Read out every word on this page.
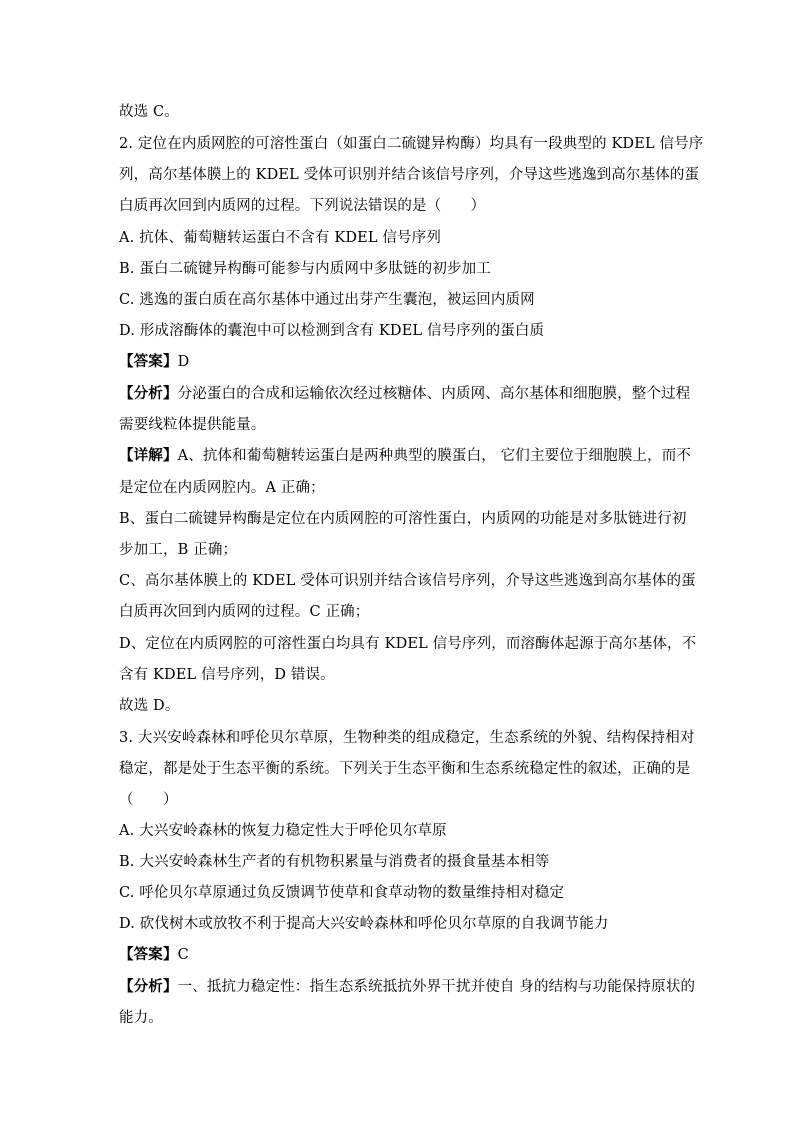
故选 C。
2. 定位在内质网腔的可溶性蛋白（如蛋白二硫键异构酶）均具有一段典型的 KDEL 信号序
列，高尔基体膜上的 KDEL 受体可识别并结合该信号序列，介导这些逃逸到高尔基体的蛋
白质再次回到内质网的过程。下列说法错误的是（　　）
A. 抗体、葡萄糖转运蛋白不含有 KDEL 信号序列
B. 蛋白二硫键异构酶可能参与内质网中多肽链的初步加工
C. 逃逸的蛋白质在高尔基体中通过出芽产生囊泡，被运回内质网
D. 形成溶酶体的囊泡中可以检测到含有 KDEL 信号序列的蛋白质
【答案】D
【分析】分泌蛋白的合成和运输依次经过核糖体、内质网、高尔基体和细胞膜，整个过程
需要线粒体提供能量。
【详解】A、抗体和葡萄糖转运蛋白是两种典型的膜蛋白， 它们主要位于细胞膜上，而不
是定位在内质网腔内。A 正确；
B、蛋白二硫键异构酶是定位在内质网腔的可溶性蛋白，内质网的功能是对多肽链进行初
步加工，B 正确；
C、高尔基体膜上的 KDEL 受体可识别并结合该信号序列，介导这些逃逸到高尔基体的蛋
白质再次回到内质网的过程。C 正确；
D、定位在内质网腔的可溶性蛋白均具有 KDEL 信号序列，而溶酶体起源于高尔基体，不
含有 KDEL 信号序列，D 错误。
故选 D。
3. 大兴安岭森林和呼伦贝尔草原，生物种类的组成稳定，生态系统的外貌、结构保持相对
稳定，都是处于生态平衡的系统。下列关于生态平衡和生态系统稳定性的叙述，正确的是
（　　）
A. 大兴安岭森林的恢复力稳定性大于呼伦贝尔草原
B. 大兴安岭森林生产者的有机物积累量与消费者的摄食量基本相等
C. 呼伦贝尔草原通过负反馈调节使草和食草动物的数量维持相对稳定
D. 砍伐树木或放牧不利于提高大兴安岭森林和呼伦贝尔草原的自我调节能力
【答案】C
【分析】一、抵抗力稳定性：指生态系统抵抗外界干扰并使自 身的结构与功能保持原状的
能力。
